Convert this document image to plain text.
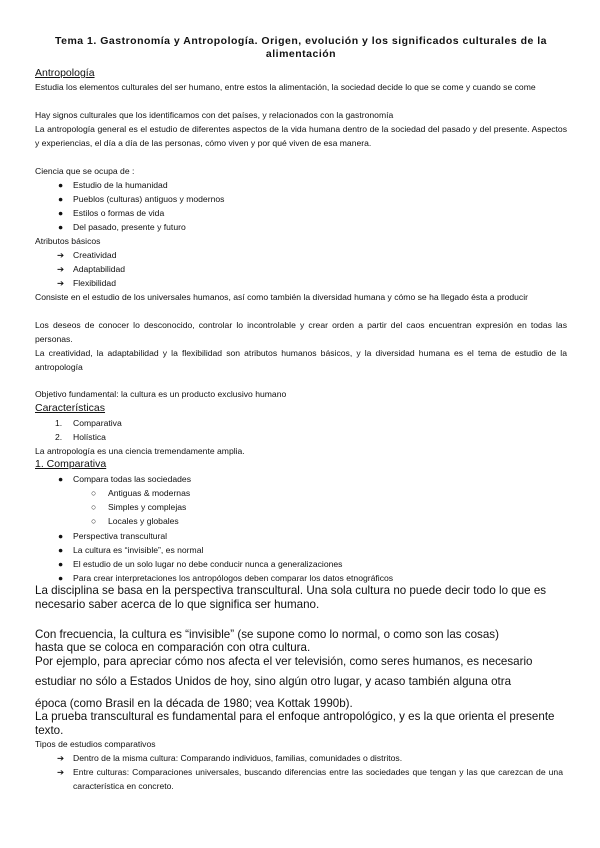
Tema 1. Gastronomía y Antropología. Origen, evolución y los significados culturales de la alimentación
Antropología
Estudia los elementos culturales del ser humano, entre estos la alimentación, la sociedad decide lo que se come y cuando se come
Hay signos culturales que los identificamos con det países, y relacionados con la gastronomía
La antropología general es el estudio de diferentes aspectos de la vida humana dentro de la sociedad del pasado y del presente. Aspectos y experiencias, el día a día de las personas, cómo viven y por qué viven de esa manera.
Ciencia que se ocupa de :
● Estudio de la humanidad
● Pueblos (culturas) antiguos y modernos
● Estilos o formas de vida
● Del pasado, presente y futuro
Atributos básicos
➔ Creatividad
➔ Adaptabilidad
➔ Flexibilidad
Consiste en el estudio de los universales humanos, así como también la diversidad humana y cómo se ha llegado ésta a producir
Los deseos de conocer lo desconocido, controlar lo incontrolable y crear orden a partir del caos encuentran expresión en todas las personas.
La creatividad, la adaptabilidad y la flexibilidad son atributos humanos básicos, y la diversidad humana es el tema de estudio de la antropología
Objetivo fundamental: la cultura es un producto exclusivo humano
Características
1. Comparativa
2. Holística
La antropología es una ciencia tremendamente amplia.
1. Comparativa
● Compara todas las sociedades
○ Antiguas & modernas
○ Simples y complejas
○ Locales y globales
● Perspectiva transcultural
● La cultura es “invisible”, es normal
● El estudio de un solo lugar no debe conducir nunca a generalizaciones
● Para crear interpretaciones los antropólogos deben comparar los datos etnográficos
La disciplina se basa en la perspectiva transcultural. Una sola cultura no puede decir todo lo que es necesario saber acerca de lo que significa ser humano.
Con frecuencia, la cultura es “invisible” (se supone como lo normal, o como son las cosas)
hasta que se coloca en comparación con otra cultura.
Por ejemplo, para apreciar cómo nos afecta el ver televisión, como seres humanos, es necesario
estudiar no sólo a Estados Unidos de hoy, sino algún otro lugar, y acaso también alguna otra
época (como Brasil en la década de 1980; vea Kottak 1990b).
La prueba transcultural es fundamental para el enfoque antropológico, y es la que orienta el presente texto.
Tipos de estudios comparativos
➔ Dentro de la misma cultura: Comparando individuos, familias, comunidades o distritos.
➔ Entre culturas: Comparaciones universales, buscando diferencias entre las sociedades que tengan y las que carezcan de una característica en concreto.
